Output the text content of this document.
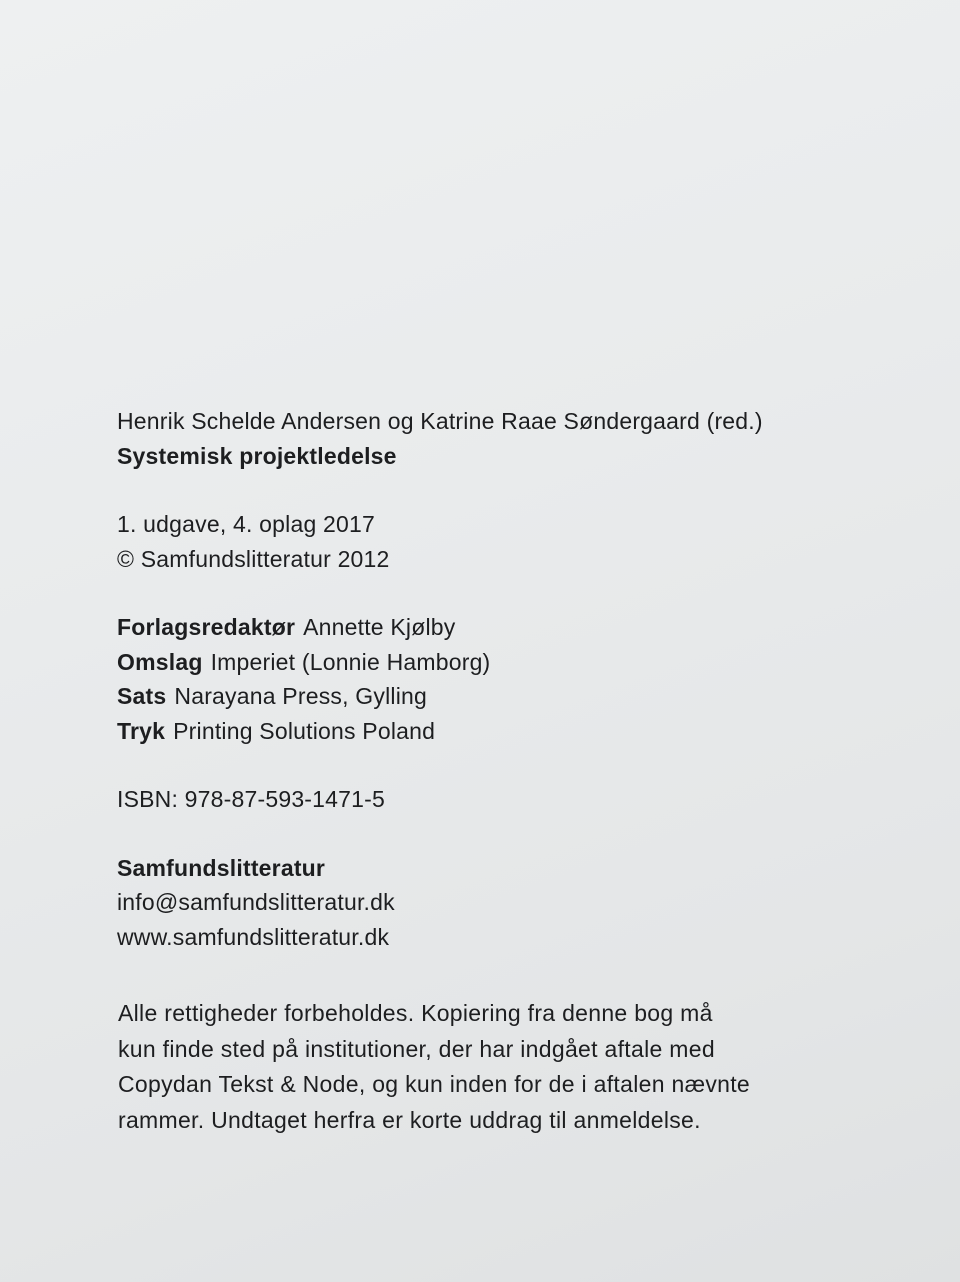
Henrik Schelde Andersen og Katrine Raae Søndergaard (red.)
Systemisk projektledelse
1. udgave, 4. oplag 2017
© Samfundslitteratur 2012
Forlagsredaktør Annette Kjølby
Omslag Imperiet (Lonnie Hamborg)
Sats Narayana Press, Gylling
Tryk Printing Solutions Poland
ISBN: 978-87-593-1471-5
Samfundslitteratur
info@samfundslitteratur.dk
www.samfundslitteratur.dk
Alle rettigheder forbeholdes. Kopiering fra denne bog må
kun finde sted på institutioner, der har indgået aftale med
Copydan Tekst & Node, og kun inden for de i aftalen nævnte
rammer. Undtaget herfra er korte uddrag til anmeldelse.
